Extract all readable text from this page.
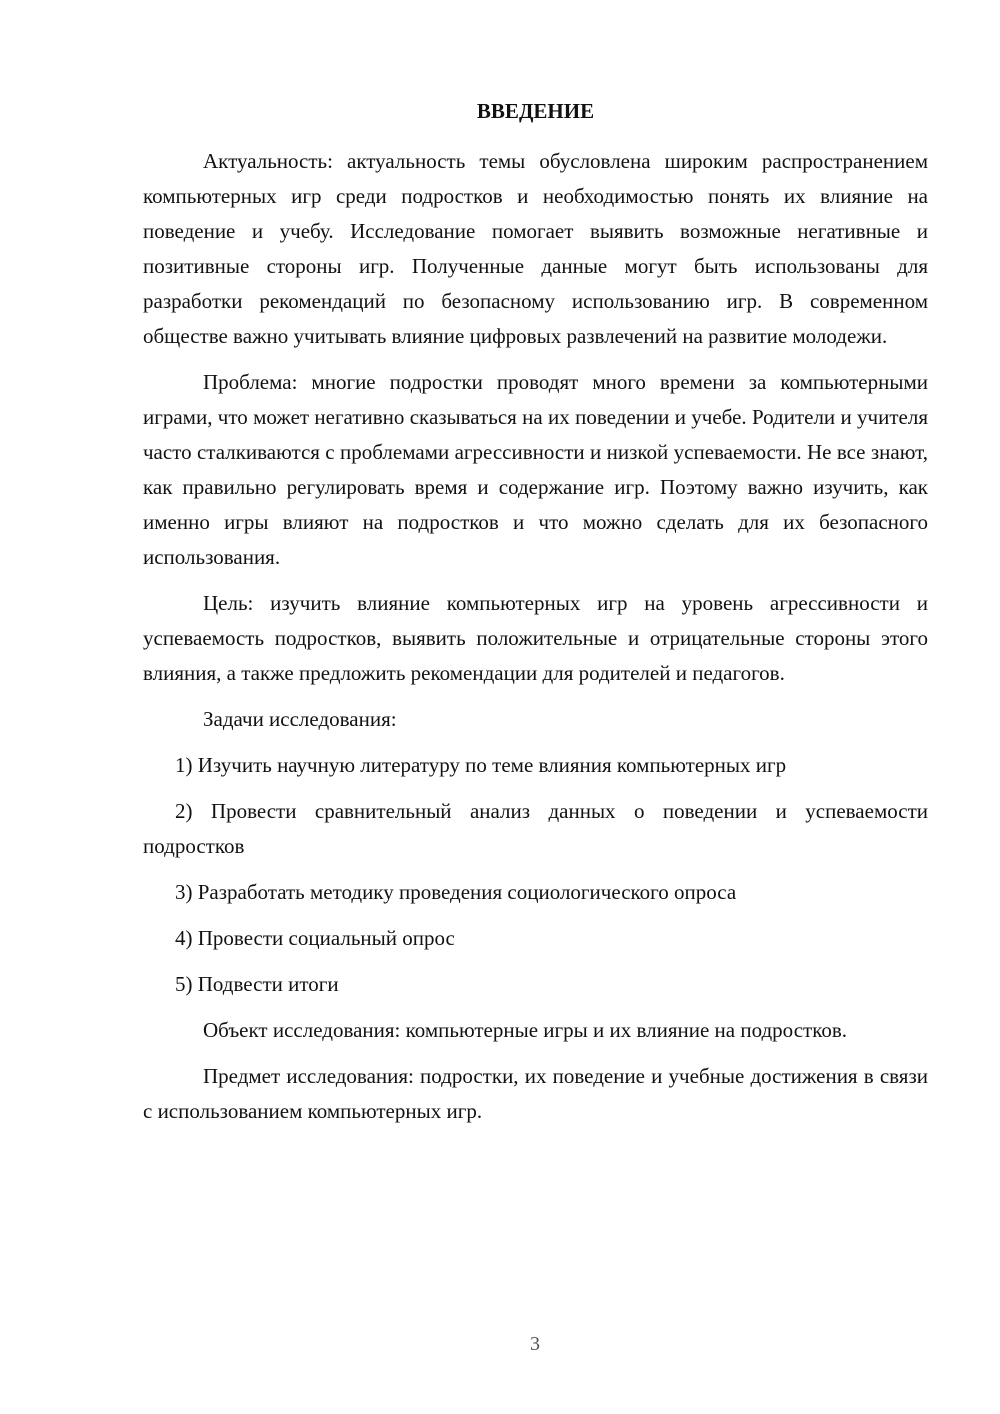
ВВЕДЕНИЕ

Актуальность: актуальность темы обусловлена широким распространением компьютерных игр среди подростков и необходимостью понять их влияние на поведение и учебу. Исследование помогает выявить возможные негативные и позитивные стороны игр. Полученные данные могут быть использованы для разработки рекомендаций по безопасному использованию игр. В современном обществе важно учитывать влияние цифровых развлечений на развитие молодежи.

Проблема: многие подростки проводят много времени за компьютерными играми, что может негативно сказываться на их поведении и учебе. Родители и учителя часто сталкиваются с проблемами агрессивности и низкой успеваемости. Не все знают, как правильно регулировать время и содержание игр. Поэтому важно изучить, как именно игры влияют на подростков и что можно сделать для их безопасного использования.

Цель: изучить влияние компьютерных игр на уровень агрессивности и успеваемость подростков, выявить положительные и отрицательные стороны этого влияния, а также предложить рекомендации для родителей и педагогов.

Задачи исследования:

1) Изучить научную литературу по теме влияния компьютерных игр

2) Провести сравнительный анализ данных о поведении и успеваемости подростков

3) Разработать методику проведения социологического опроса

4) Провести социальный опрос

5) Подвести итоги

Объект исследования: компьютерные игры и их влияние на подростков.

Предмет исследования: подростки, их поведение и учебные достижения в связи с использованием компьютерных игр.

3
